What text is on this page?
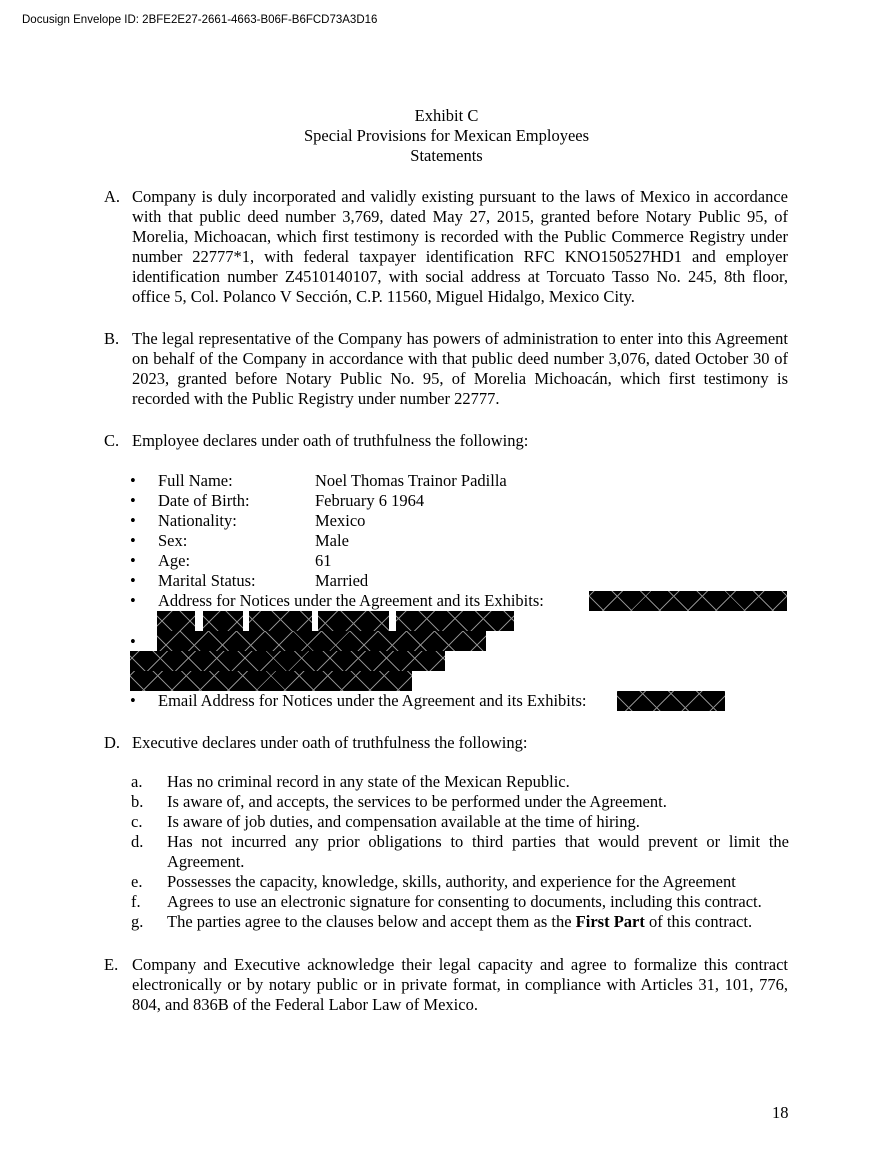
Docusign Envelope ID: 2BFE2E27-2661-4663-B06F-B6FCD73A3D16
Exhibit C
Special Provisions for Mexican Employees
Statements
A. Company is duly incorporated and validly existing pursuant to the laws of Mexico in accordance with that public deed number 3,769, dated May 27, 2015, granted before Notary Public 95, of Morelia, Michoacan, which first testimony is recorded with the Public Commerce Registry under number 22777*1, with federal taxpayer identification RFC KNO150527HD1 and employer identification number Z4510140107, with social address at Torcuato Tasso No. 245, 8th floor, office 5, Col. Polanco V Sección, C.P. 11560, Miguel Hidalgo, Mexico City.
B. The legal representative of the Company has powers of administration to enter into this Agreement on behalf of the Company in accordance with that public deed number 3,076, dated October 30 of 2023, granted before Notary Public No. 95, of Morelia Michoacán, which first testimony is recorded with the Public Registry under number 22777.
C. Employee declares under oath of truthfulness the following:
• Full Name:	Noel Thomas Trainor Padilla
• Date of Birth:	February 6 1964
• Nationality:	Mexico
• Sex:	Male
• Age:	61
• Marital Status:	Married
• Address for Notices under the Agreement and its Exhibits:
•
• Email Address for Notices under the Agreement and its Exhibits:
D. Executive declares under oath of truthfulness the following:
a. Has no criminal record in any state of the Mexican Republic.
b. Is aware of, and accepts, the services to be performed under the Agreement.
c. Is aware of job duties, and compensation available at the time of hiring.
d. Has not incurred any prior obligations to third parties that would prevent or limit the Agreement.
e. Possesses the capacity, knowledge, skills, authority, and experience for the Agreement
f. Agrees to use an electronic signature for consenting to documents, including this contract.
g. The parties agree to the clauses below and accept them as the First Part of this contract.
E. Company and Executive acknowledge their legal capacity and agree to formalize this contract electronically or by notary public or in private format, in compliance with Articles 31, 101, 776, 804, and 836B of the Federal Labor Law of Mexico.
18
